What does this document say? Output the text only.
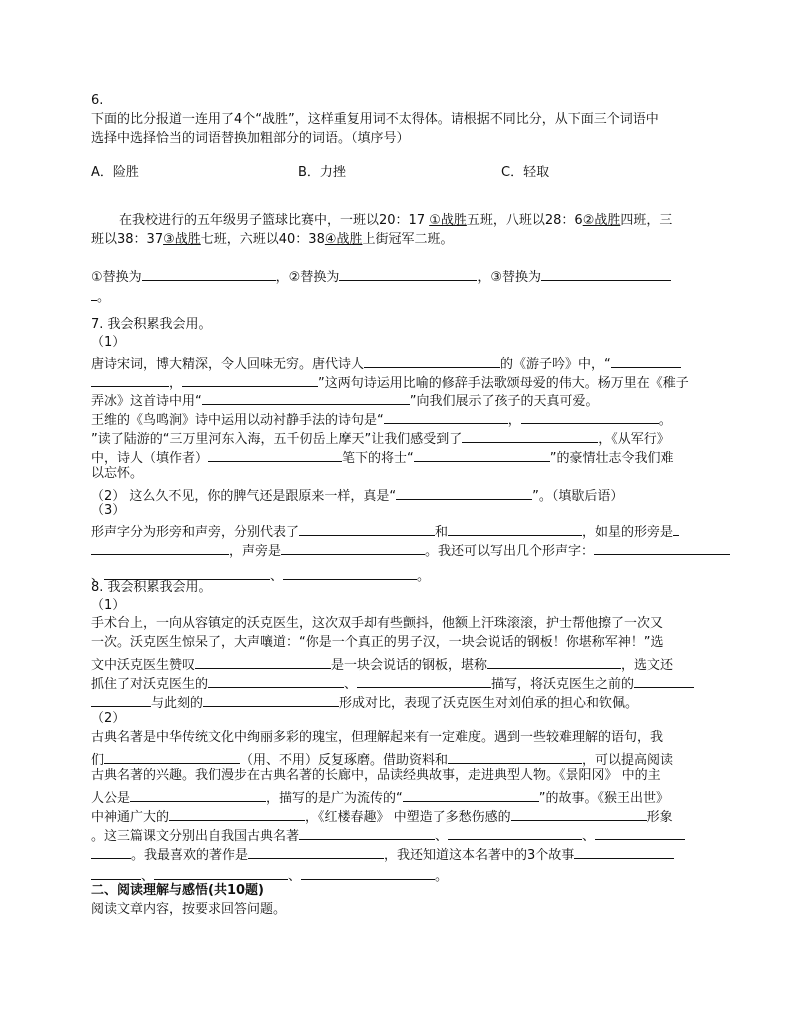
6.
下面的比分报道一连用了4个“战胜”，这样重复用词不太得体。请根据不同比分，从下面三个词语中
选择中选择恰当的词语替换加粗部分的词语。（填序号）
A．险胜	B．力挫	C．轻取
在我校进行的五年级男子篮球比赛中，一班以20：17 ①战胜五班，八班以28：6②战胜四班，三
班以38：37③战胜七班，六班以40：38④战胜上街冠军二班。
①替换为	，②替换为	，③替换为
。
7. 我会积累我会用。
（1）
唐诗宋词，博大精深，令人回味无穷。唐代诗人	的《游子吟》中，“
，	”这两句诗运用比喻的修辞手法歌颂母爱的伟大。杨万里在《稚子
弄冰》这首诗中用“	”向我们展示了孩子的天真可爱。
王维的《鸟鸣涧》诗中运用以动衬静手法的诗句是“	，	。
”读了陆游的“三万里河东入海，五千仞岳上摩天”让我们感受到了	，《从军行》
中，诗人（填作者）	笔下的将士“	”的豪情壮志令我们难
以忘怀。
（2） 这么久不见，你的脾气还是跟原来一样，真是“	”。（填歇后语）
（3）
形声字分为形旁和声旁，分别代表了	和	，如星的形旁是
，声旁是	。我还可以写出几个形声字：
、	、	。
8. 我会积累我会用。
（1）
手术台上，一向从容镇定的沃克医生，这次双手却有些颤抖，他额上汗珠滚滚，护士帮他擦了一次又
一次。沃克医生惊呆了，大声嚷道：“你是一个真正的男子汉，一块会说话的钢板！你堪称军神！”选
文中沃克医生赞叹	是一块会说话的钢板，堪称	，选文还
抓住了对沃克医生的	、	描写，将沃克医生之前的
与此刻的	形成对比，表现了沃克医生对刘伯承的担心和钦佩。
（2）
古典名著是中华传统文化中绚丽多彩的瑰宝，但理解起来有一定难度。遇到一些较难理解的语句，我
们	（用、不用）反复琢磨。借助资料和	，可以提高阅读
古典名著的兴趣。我们漫步在古典名著的长廊中，品读经典故事，走进典型人物。《景阳冈》 中的主
人公是	，描写的是广为流传的“	”的故事。《猴王出世》
中神通广大的	，《红楼春趣》 中塑造了多愁伤感的	形象
。这三篇课文分别出自我国古典名著	、	、
。我最喜欢的著作是	，我还知道这本名著中的3个故事
、	、	。
二、阅读理解与感悟(共10题)
阅读文章内容，按要求回答问题。
